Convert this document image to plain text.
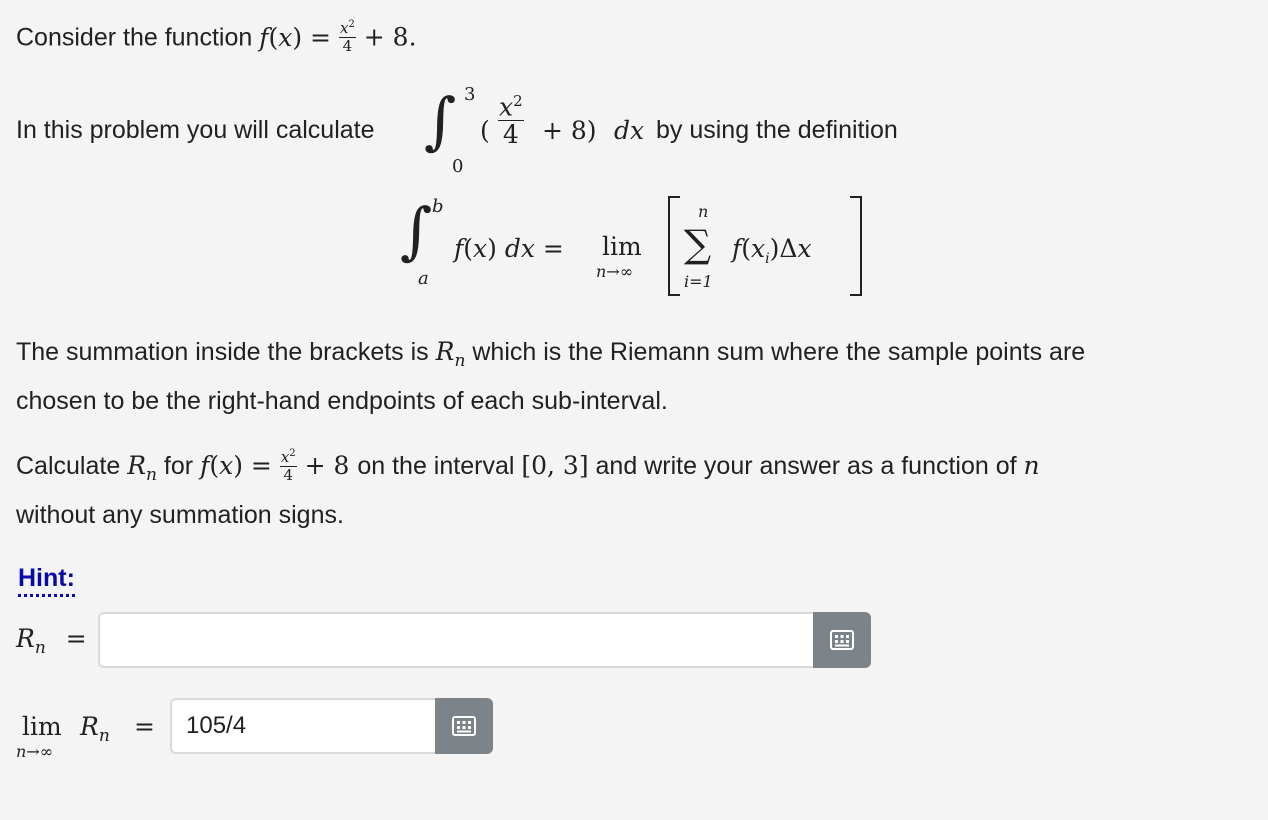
Consider the function $f(x) = \frac{x^2}{4} + 8$.
In this problem you will calculate ∫ 3
0
( $\frac{x^2}{4} + 8$) dx by using the definition
∫ b
a
f(x) dx = lim
n→∞
n
∑
i=1
$f(x_i)\Delta x$
The summation inside the brackets is $R_n$ which is the Riemann sum where the sample points are
chosen to be the right-hand endpoints of each sub-interval.
Calculate $R_n$ for $f(x) = \frac{x^2}{4} + 8$ on the interval [0, 3] and write your answer as a function of n
without any summation signs.
Hint:
$R_n$ =
lim
n→∞
$R_n$ =
105/4
